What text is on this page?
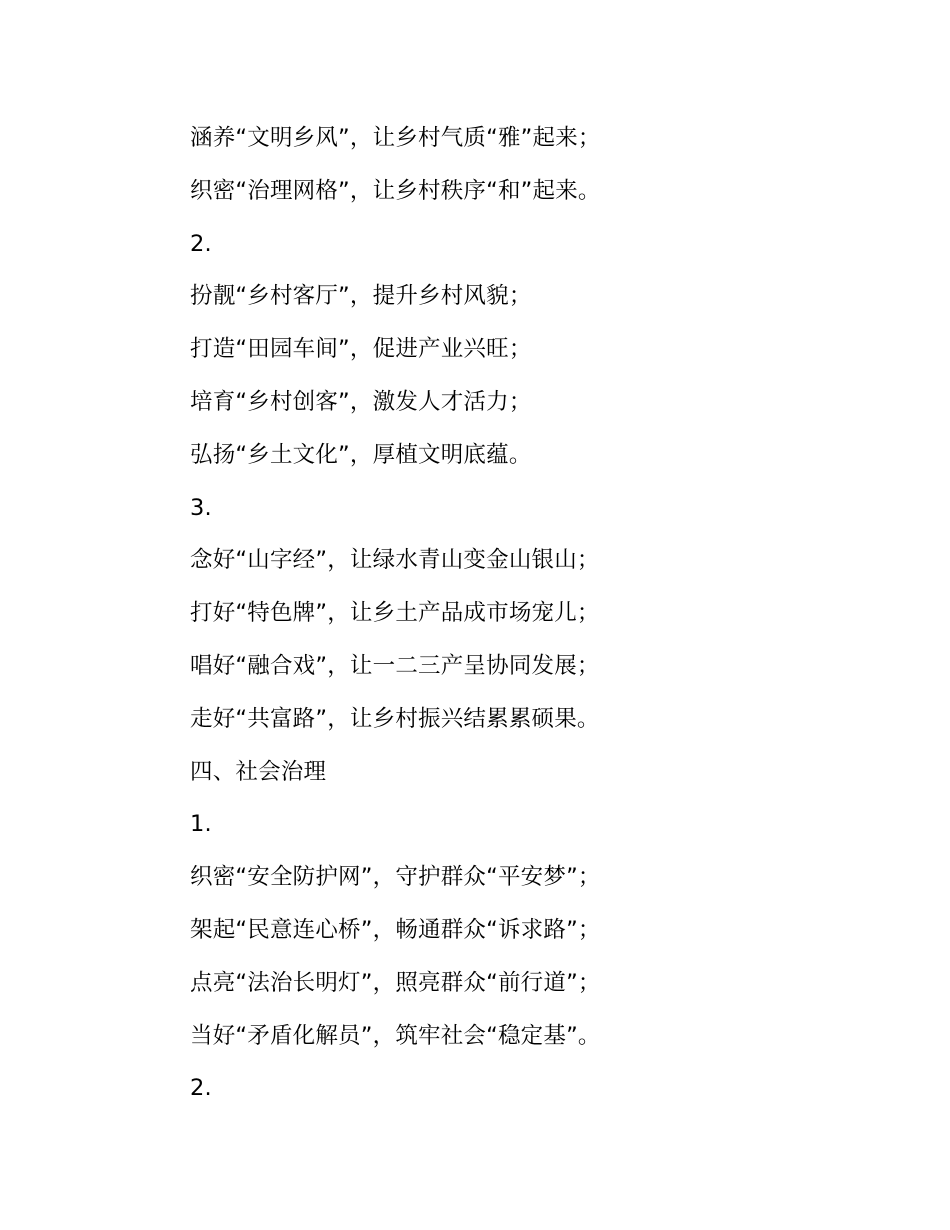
涵养“文明乡风”，让乡村气质“雅”起来；
织密“治理网格”，让乡村秩序“和”起来。
2.
扮靓“乡村客厅”，提升乡村风貌；
打造“田园车间”，促进产业兴旺；
培育“乡村创客”，激发人才活力；
弘扬“乡土文化”，厚植文明底蕴。
3.
念好“山字经”，让绿水青山变金山银山；
打好“特色牌”，让乡土产品成市场宠儿；
唱好“融合戏”，让一二三产呈协同发展；
走好“共富路”，让乡村振兴结累累硕果。
四、社会治理
1.
织密“安全防护网”，守护群众“平安梦”；
架起“民意连心桥”，畅通群众“诉求路”；
点亮“法治长明灯”，照亮群众“前行道”；
当好“矛盾化解员”，筑牢社会“稳定基”。
2.
